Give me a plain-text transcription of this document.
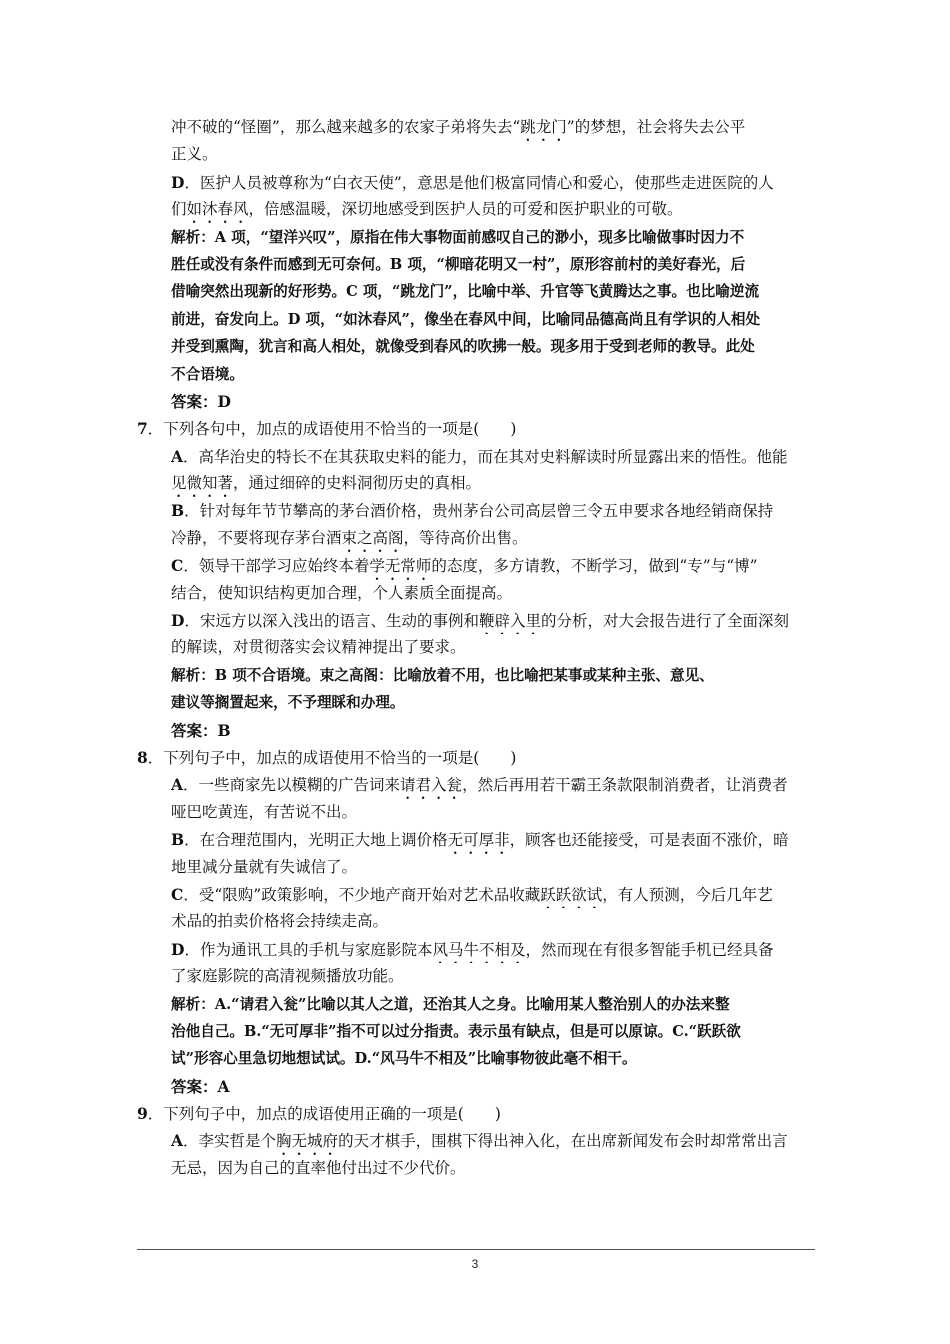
冲不破的“怪圈”，那么越来越多的农家子弟将失去“跳龙门”的梦想，社会将失去公平
正义。
D．医护人员被尊称为“白衣天使”，意思是他们极富同情心和爱心，使那些走进医院的人
们如沐春风，倍感温暖，深切地感受到医护人员的可爱和医护职业的可敬。
解析：A 项，“望洋兴叹”，原指在伟大事物面前感叹自己的渺小，现多比喻做事时因力不
胜任或没有条件而感到无可奈何。B 项，“柳暗花明又一村”，原形容前村的美好春光，后
借喻突然出现新的好形势。C 项，“跳龙门”，比喻中举、升官等飞黄腾达之事。也比喻逆流
前进，奋发向上。D 项，“如沐春风”，像坐在春风中间，比喻同品德高尚且有学识的人相处
并受到熏陶，犹言和高人相处，就像受到春风的吹拂一般。现多用于受到老师的教导。此处
不合语境。
答案：D
7．下列各句中，加点的成语使用不恰当的一项是(　　 )
A．高华治史的特长不在其获取史料的能力，而在其对史料解读时所显露出来的悟性。他能
见微知著，通过细碎的史料洞彻历史的真相。
B．针对每年节节攀高的茅台酒价格，贵州茅台公司高层曾三令五申要求各地经销商保持
冷静，不要将现存茅台酒束之高阁，等待高价出售。
C．领导干部学习应始终本着学无常师的态度，多方请教，不断学习，做到“专”与“博”
结合，使知识结构更加合理，个人素质全面提高。
D．宋远方以深入浅出的语言、生动的事例和鞭辟入里的分析，对大会报告进行了全面深刻
的解读，对贯彻落实会议精神提出了要求。
解析：B 项不合语境。束之高阁：比喻放着不用，也比喻把某事或某种主张、意见、
建议等搁置起来，不予理睬和办理。
答案：B
8．下列句子中，加点的成语使用不恰当的一项是(　　 )
A．一些商家先以模糊的广告词来请君入瓮，然后再用若干霸王条款限制消费者，让消费者
哑巴吃黄连，有苦说不出。
B．在合理范围内，光明正大地上调价格无可厚非，顾客也还能接受，可是表面不涨价，暗
地里减分量就有失诚信了。
C．受“限购”政策影响，不少地产商开始对艺术品收藏跃跃欲试，有人预测，今后几年艺
术品的拍卖价格将会持续走高。
D．作为通讯工具的手机与家庭影院本风马牛不相及，然而现在有很多智能手机已经具备
了家庭影院的高清视频播放功能。
解析：A.“请君入瓮”比喻以其人之道，还治其人之身。比喻用某人整治别人的办法来整
治他自己。B.“无可厚非”指不可以过分指责。表示虽有缺点，但是可以原谅。C.“跃跃欲
试”形容心里急切地想试试。D.“风马牛不相及”比喻事物彼此毫不相干。
答案：A
9．下列句子中，加点的成语使用正确的一项是(　　 )
A．李实哲是个胸无城府的天才棋手，围棋下得出神入化，在出席新闻发布会时却常常出言
无忌，因为自己的直率他付出过不少代价。
3
